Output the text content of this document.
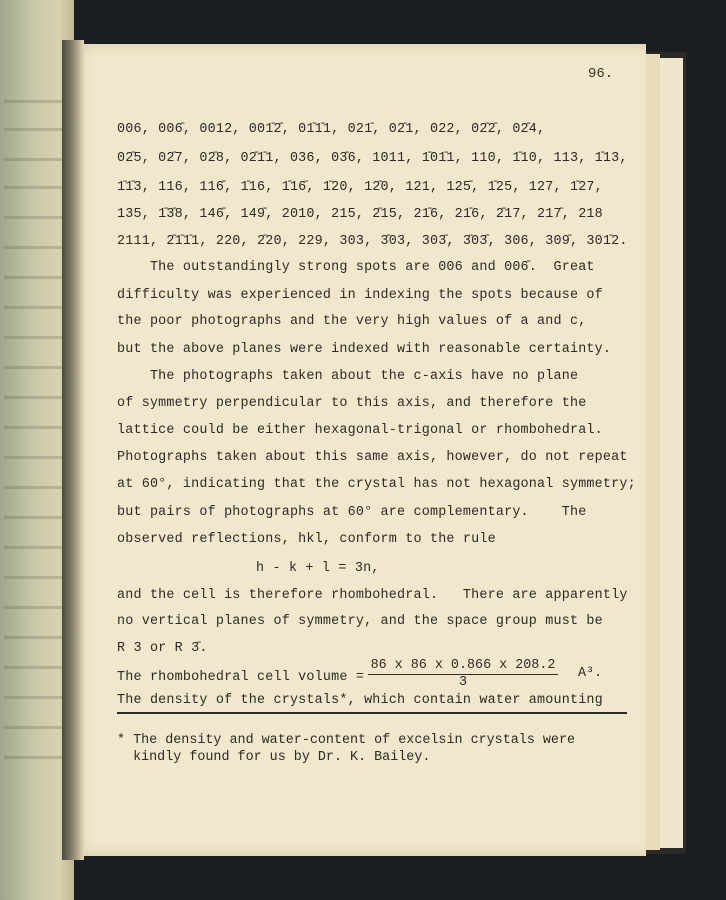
96.
006, 006̄, 0012, 001̄2̄, 01̄1̄1, 021̄, 02̄1, 022, 02̄2̄, 02̄4,
02̄5, 02̄7, 02̄8, 02̄1̄1, 036, 03̄6, 1011, 1̄01̄1, 110, 1̄10, 113, 1̄13,
1̄1̄3, 116, 116̄, 1̄16, 1̄16̄, 1̄20, 12̄0, 121, 125̄, 1̄25, 127, 1̄27,
135, 1̄3̄8, 146̄, 149̄, 2010, 215, 2̄15, 21̄6, 21̄6, 2̄17, 217̄, 218
2111, 2̄1̄1̄1, 220, 2̄20, 229, 303, 3̄03, 303̄, 3̄03̄, 306, 309̄, 301̄2.
The outstandingly strong spots are 006 and 006̄.  Great
difficulty was experienced in indexing the spots because of
the poor photographs and the very high values of a and c,
but the above planes were indexed with reasonable certainty.
The photographs taken about the c-axis have no plane
of symmetry perpendicular to this axis, and therefore the
lattice could be either hexagonal-trigonal or rhombohedral.
Photographs taken about this same axis, however, do not repeat
at 60°, indicating that the crystal has not hexagonal symmetry;
but pairs of photographs at 60° are complementary.    The
observed reflections, hkl, conform to the rule
h - k + l = 3n,
and the cell is therefore rhombohedral.   There are apparently
no vertical planes of symmetry, and the space group must be
R 3 or R 3̄.
The rhombohedral cell volume = $\frac{86 x 86 x 0.866 x 208.2}{3} A^3$.
The density of the crystals*, which contain water amounting
* The density and water-content of excelsin crystals were
kindly found for us by Dr. K. Bailey.
